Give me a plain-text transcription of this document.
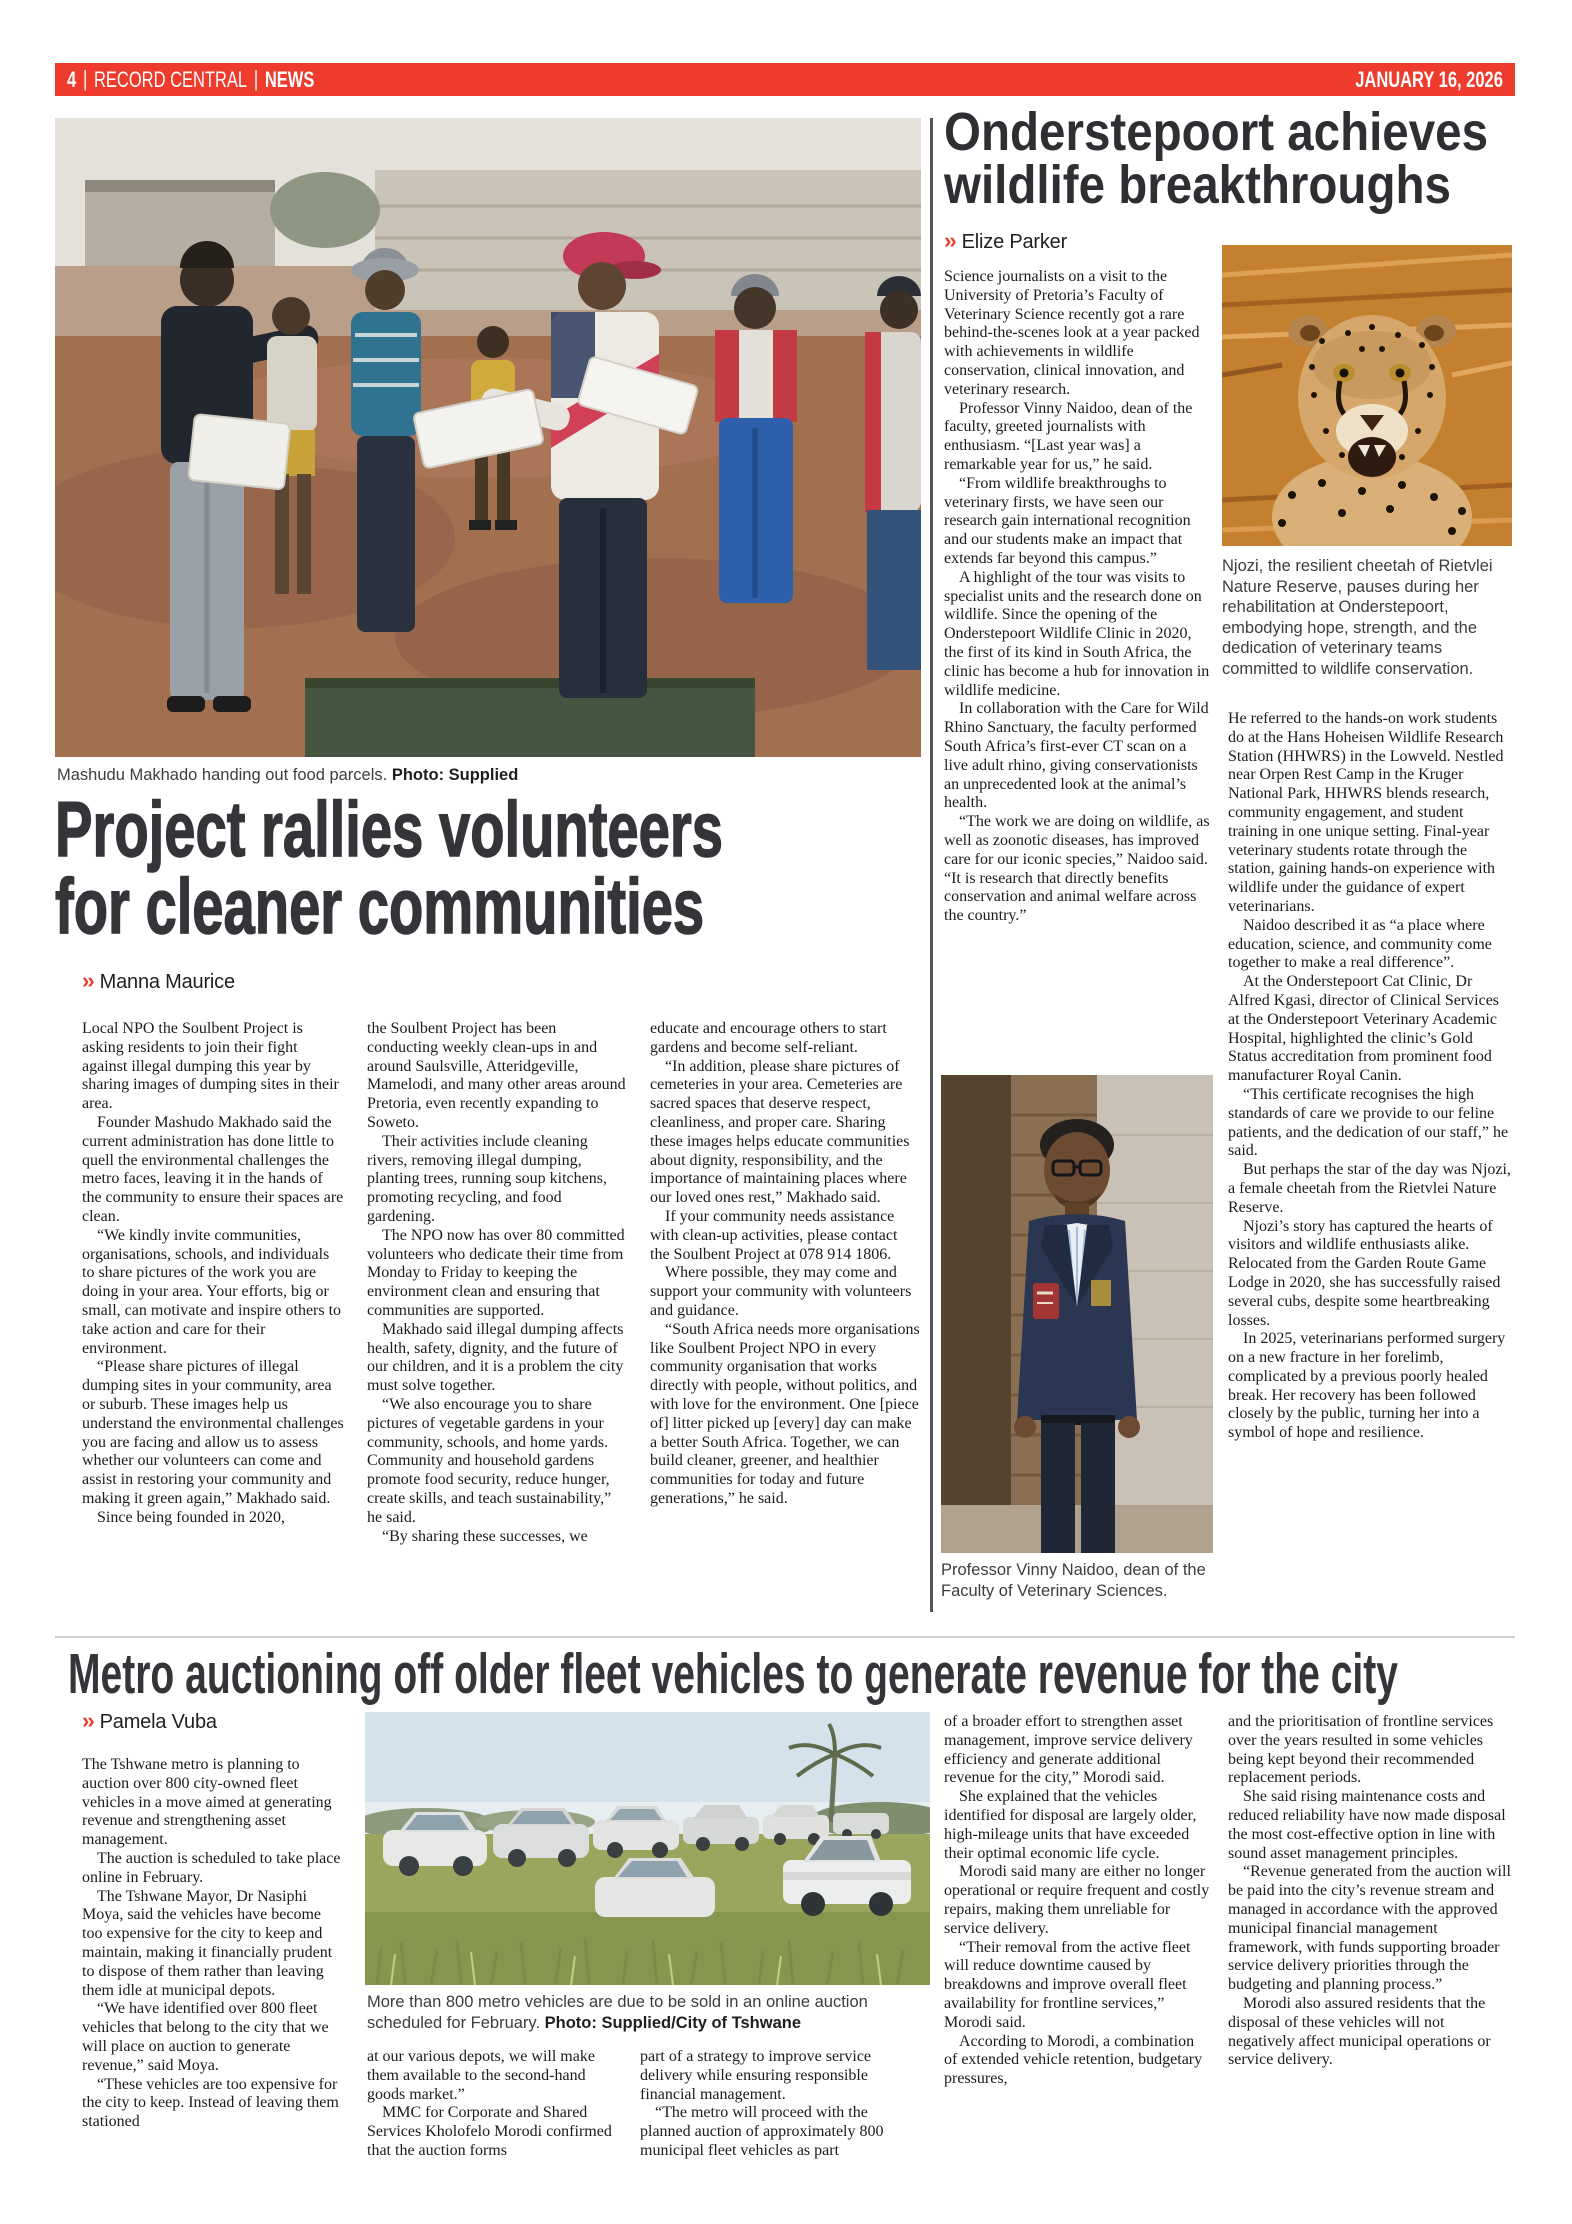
4 | RECORD CENTRAL | NEWS	JANUARY 16, 2026
Mashudu Makhado handing out food parcels. Photo: Supplied
Project rallies volunteers
for cleaner communities
›› Manna Maurice

Local NPO the Soulbent Project is asking residents to join their fight against illegal dumping this year by sharing images of dumping sites in their area.

Founder Mashudo Makhado said the current administration has done little to quell the environmental challenges the metro faces, leaving it in the hands of the community to ensure their spaces are clean.

“We kindly invite communities, organisations, schools, and individuals to share pictures of the work you are doing in your area. Your efforts, big or small, can motivate and inspire others to take action and care for their environment.

“Please share pictures of illegal dumping sites in your community, area or suburb. These images help us understand the environmental challenges you are facing and allow us to assess whether our volunteers can come and assist in restoring your community and making it green again,” Makhado said.

Since being founded in 2020,

the Soulbent Project has been conducting weekly clean-ups in and around Saulsville, Atteridgeville, Mamelodi, and many other areas around Pretoria, even recently expanding to Soweto.

Their activities include cleaning rivers, removing illegal dumping, planting trees, running soup kitchens, promoting recycling, and food gardening.

The NPO now has over 80 committed volunteers who dedicate their time from Monday to Friday to keeping the environment clean and ensuring that communities are supported.

Makhado said illegal dumping affects health, safety, dignity, and the future of our children, and it is a problem the city must solve together.

“We also encourage you to share pictures of vegetable gardens in your community, schools, and home yards. Community and household gardens promote food security, reduce hunger, create skills, and teach sustainability,” he said.

“By sharing these successes, we

educate and encourage others to start gardens and become self-reliant.

“In addition, please share pictures of cemeteries in your area. Cemeteries are sacred spaces that deserve respect, cleanliness, and proper care. Sharing these images helps educate communities about dignity, responsibility, and the importance of maintaining places where our loved ones rest,” Makhado said.

If your community needs assistance with clean-up activities, please contact the Soulbent Project at 078 914 1806.

Where possible, they may come and support your community with volunteers and guidance.

“South Africa needs more organisations like Soulbent Project NPO in every community organisation that works directly with people, without politics, and with love for the environment. One [piece of] litter picked up [every] day can make a better South Africa. Together, we can build cleaner, greener, and healthier communities for today and future generations,” he said.

Onderstepoort achieves
wildlife breakthroughs
›› Elize Parker

Science journalists on a visit to the University of Pretoria’s Faculty of Veterinary Science recently got a rare behind-the-scenes look at a year packed with achievements in wildlife conservation, clinical innovation, and veterinary research.

Professor Vinny Naidoo, dean of the faculty, greeted journalists with enthusiasm. “[Last year was] a remarkable year for us,” he said.

“From wildlife breakthroughs to veterinary firsts, we have seen our research gain international recognition and our students make an impact that extends far beyond this campus.”

A highlight of the tour was visits to specialist units and the research done on wildlife. Since the opening of the Onderstepoort Wildlife Clinic in 2020, the first of its kind in South Africa, the clinic has become a hub for innovation in wildlife medicine.

In collaboration with the Care for Wild Rhino Sanctuary, the faculty performed South Africa’s first-ever CT scan on a live adult rhino, giving conservationists an unprecedented look at the animal’s health.

“The work we are doing on wildlife, as well as zoonotic diseases, has improved care for our iconic species,” Naidoo said. “It is research that directly benefits conservation and animal welfare across the country.”

Njozi, the resilient cheetah of Rietvlei Nature Reserve, pauses during her rehabilitation at Onderstepoort, embodying hope, strength, and the dedication of veterinary teams committed to wildlife conservation.

He referred to the hands-on work students do at the Hans Hoheisen Wildlife Research Station (HHWRS) in the Lowveld. Nestled near Orpen Rest Camp in the Kruger National Park, HHWRS blends research, community engagement, and student training in one unique setting. Final-year veterinary students rotate through the station, gaining hands-on experience with wildlife under the guidance of expert veterinarians.

Naidoo described it as “a place where education, science, and community come together to make a real difference”.

At the Onderstepoort Cat Clinic, Dr Alfred Kgasi, director of Clinical Services at the Onderstepoort Veterinary Academic Hospital, highlighted the clinic’s Gold Status accreditation from prominent food manufacturer Royal Canin.

“This certificate recognises the high standards of care we provide to our feline patients, and the dedication of our staff,” he said.

But perhaps the star of the day was Njozi, a female cheetah from the Rietvlei Nature Reserve.

Njozi’s story has captured the hearts of visitors and wildlife enthusiasts alike. Relocated from the Garden Route Game Lodge in 2020, she has successfully raised several cubs, despite some heartbreaking losses.

In 2025, veterinarians performed surgery on a new fracture in her forelimb, complicated by a previous poorly healed break. Her recovery has been followed closely by the public, turning her into a symbol of hope and resilience.

Professor Vinny Naidoo, dean of the Faculty of Veterinary Sciences.
Metro auctioning off older fleet vehicles to generate revenue for the city
›› Pamela Vuba

The Tshwane metro is planning to auction over 800 city-owned fleet vehicles in a move aimed at generating revenue and strengthening asset management.

The auction is scheduled to take place online in February.

The Tshwane Mayor, Dr Nasiphi Moya, said the vehicles have become too expensive for the city to keep and maintain, making it financially prudent to dispose of them rather than leaving them idle at municipal depots.

“We have identified over 800 fleet vehicles that belong to the city that we will place on auction to generate revenue,” said Moya.

“These vehicles are too expensive for the city to keep. Instead of leaving them stationed

More than 800 metro vehicles are due to be sold in an online auction scheduled for February. Photo: Supplied/City of Tshwane

at our various depots, we will make them available to the second-hand goods market.”

MMC for Corporate and Shared Services Kholofelo Morodi confirmed that the auction forms

part of a strategy to improve service delivery while ensuring responsible financial management.

“The metro will proceed with the planned auction of approximately 800 municipal fleet vehicles as part

of a broader effort to strengthen asset management, improve service delivery efficiency and generate additional revenue for the city,” Morodi said.

She explained that the vehicles identified for disposal are largely older, high-mileage units that have exceeded their optimal economic life cycle.

Morodi said many are either no longer operational or require frequent and costly repairs, making them unreliable for service delivery.

“Their removal from the active fleet will reduce downtime caused by breakdowns and improve overall fleet availability for frontline services,” Morodi said.

According to Morodi, a combination of extended vehicle retention, budgetary pressures,

and the prioritisation of frontline services over the years resulted in some vehicles being kept beyond their recommended replacement periods.

She said rising maintenance costs and reduced reliability have now made disposal the most cost-effective option in line with sound asset management principles.

“Revenue generated from the auction will be paid into the city’s revenue stream and managed in accordance with the approved municipal financial management framework, with funds supporting broader service delivery priorities through the budgeting and planning process.”

Morodi also assured residents that the disposal of these vehicles will not negatively affect municipal operations or service delivery.
